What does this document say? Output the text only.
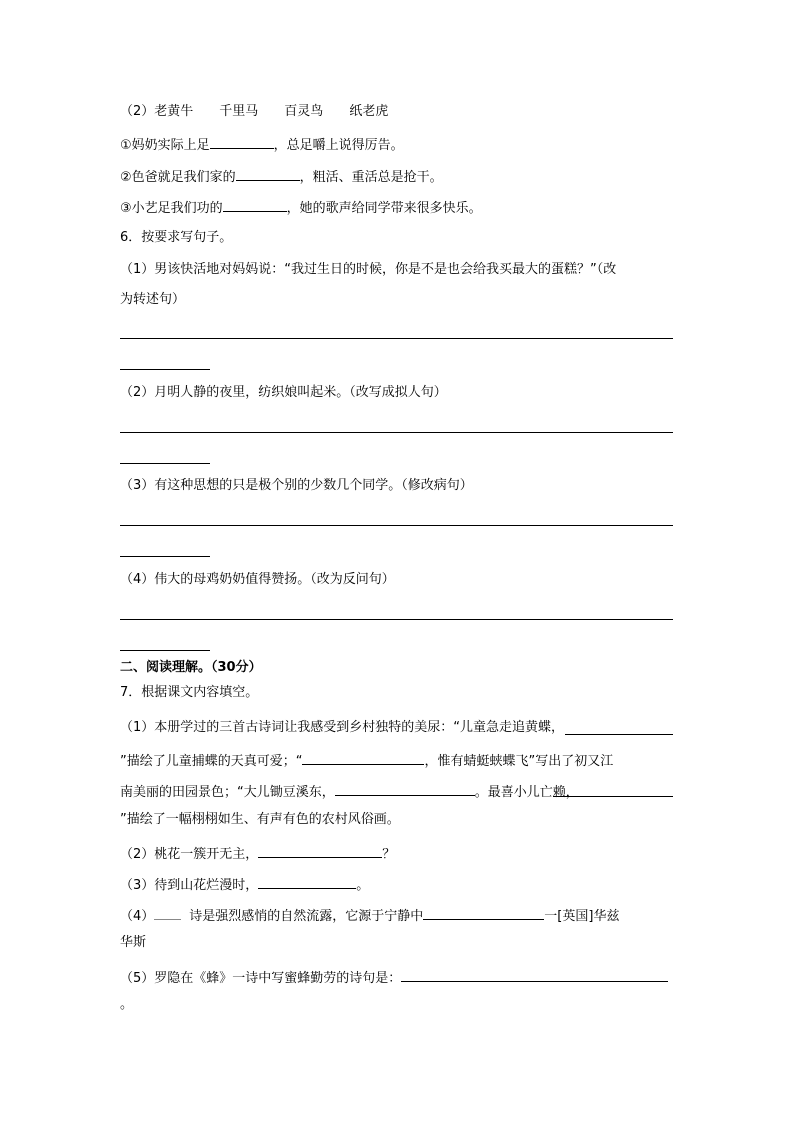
（2）老黄牛 千里马 百灵鸟 纸老虎
①妈奶实际上足	，总足嚼上说得厉告。
②色爸就足我们家的	，粗活、重活总是抢干。
③小艺足我们功的	，她的歌声给同学带来很多快乐。
6．按要求写句子。
（1）男该快活地对妈妈说：“我过生日的时候，你是不是也会给我买最大的蛋糕？”（改
为转述句）
（2）月明人静的夜里，纺织娘叫起米。（改写成拟人句）
（3）有这种思想的只是极个别的少数几个同学。（修改病句）
（4）伟大的母鸡奶奶值得赞扬。（改为反问句）
二、阅读理解。（30分）
7．根据课文内容填空。
（1）本册学过的三首古诗词让我感受到乡村独特的美尿：“儿童急走追黄蝶，
”描绘了儿童捕蝶的天真可爱；“	，惟有蜻蜓蛱蝶飞”写出了初又江
南美丽的田园景色；“大儿锄豆溪东，	。最喜小儿亡赖，
”描绘了一幅栩栩如生、有声有色的农村风俗画。
（2）桃花一簇开无主，	？
（3）待到山花烂漫时，	。
（4）	诗是强烈感悄的自然流露，它源于宁静中	一[英国]华兹
华斯
（5）罗隐在《蜂》一诗中写蜜蜂勤劳的诗句是：
。
